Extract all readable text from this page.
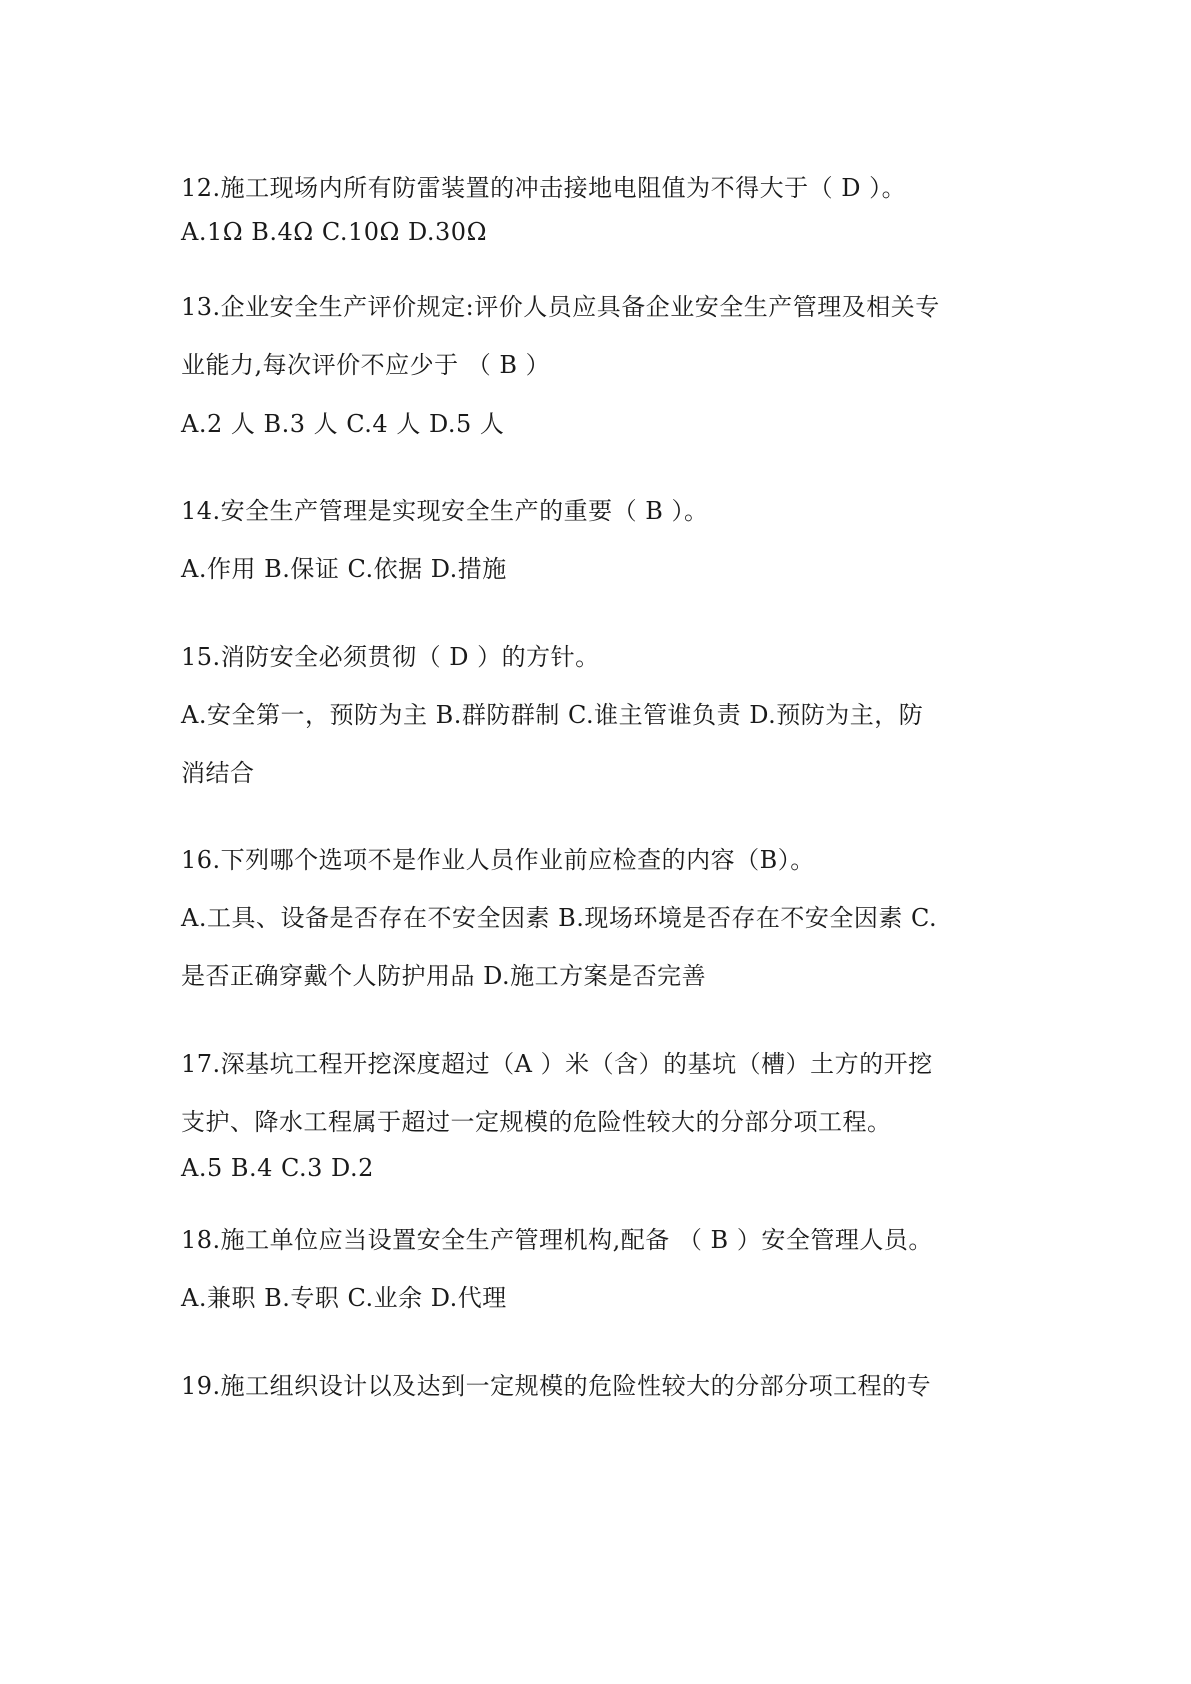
12.施工现场内所有防雷装置的冲击接地电阻值为不得大于（ D ）。
A.1Ω B.4Ω C.10Ω D.30Ω
13.企业安全生产评价规定:评价人员应具备企业安全生产管理及相关专
业能力,每次评价不应少于 （ B ）
A.2 人 B.3 人 C.4 人 D.5 人
14.安全生产管理是实现安全生产的重要（ B ）。
A.作用 B.保证 C.依据 D.措施
15.消防安全必须贯彻（ D ）的方针。
A.安全第一，预防为主 B.群防群制 C.谁主管谁负责 D.预防为主，防
消结合
16.下列哪个选项不是作业人员作业前应检查的内容（B）。
A.工具、设备是否存在不安全因素 B.现场环境是否存在不安全因素 C.
是否正确穿戴个人防护用品 D.施工方案是否完善
17.深基坑工程开挖深度超过（A ）米（含）的基坑（槽）土方的开挖
支护、降水工程属于超过一定规模的危险性较大的分部分项工程。
A.5 B.4 C.3 D.2
18.施工单位应当设置安全生产管理机构,配备 （ B ）安全管理人员。
A.兼职 B.专职 C.业余 D.代理
19.施工组织设计以及达到一定规模的危险性较大的分部分项工程的专
